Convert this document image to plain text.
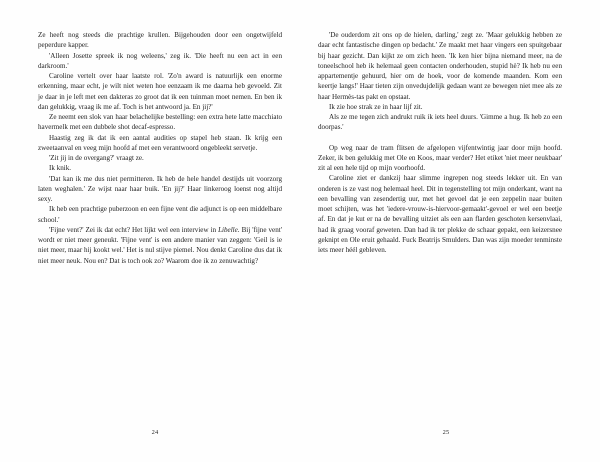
Ze heeft nog steeds die prachtige krullen. Bijgehouden door een ongetwijfeld peperdure kapper.

'Alleen Josette spreek ik nog weleens,' zeg ik. 'Die heeft nu een act in een darkroom.'

Caroline vertelt over haar laatste rol. 'Zo'n award is natuurlijk een enorme erkenning, maar echt, je wilt niet weten hoe eenzaam ik me daarna heb gevoeld. Zit je daar in je left met een dakteras zo groot dat ik een tuinman moet nemen. En ben ik dan gelukkig, vraag ik me af. Toch is het antwoord ja. En jij?'

Ze neemt een slok van haar belachelijke bestelling: een extra hete latte macchiato havermelk met een dubbele shot decaf-espresso.

Haastig zeg ik dat ik een aantal audities op stapel heb staan. Ik krijg een zweetaanval en veeg mijn hoofd af met een verantwoord ongebleekt servetje.

'Zit jij in de overgang?' vraagt ze.

Ik knik.

'Dat kan ik me dus niet permitteren. Ik heb de hele handel destijds uit voorzorg laten weghalen.' Ze wijst naar haar buik. 'En jij?' Haar linkeroog loenst nog altijd sexy.

Ik heb een prachtige puberzoon en een fijne vent die adjunct is op een middelbare school.'

'Fijne vent?' Zei ik dat echt? Het lijkt wel een interview in Libelle. Bij 'fijne vent' wordt er niet meer geneukt. 'Fijne vent' is een andere manier van zeggen: 'Geil is ie niet meer, maar hij kookt wel.' Het is nul stijve piemel. Nou denkt Caroline dus dat ik niet meer neuk. Nou en? Dat is toch ook zo? Waarom doe ik zo zenuwachtig?

24

'De ouderdom zit ons op de hielen, darling,' zegt ze. 'Maar gelukkig hebben ze daar echt fantastische dingen op bedacht.' Ze maakt met haar vingers een spuitgebaar bij haar gezicht. Dan kijkt ze om zich heen. 'Ik ken hier bijna niemand meer, na de toneelschool heb ik helemaal geen contacten onderhouden, stupid hè? Ik heb nu een appartementje gehuurd, hier om de hoek, voor de komende maanden. Kom een keertje langs!' Haar tieten zijn onvedujdelijk gedaan want ze bewegen niet mee als ze haar Hermès-tas pakt en opstaat.

Ik zie hoe strak ze in haar lijf zit.

Als ze me tegen zich andrukt ruik ik iets heel duurs. 'Gimme a hug. Ik heb zo een doorpas.'

Op weg naar de tram flitsen de afgelopen vijfentwintig jaar door mijn hoofd. Zeker, ik ben gelukkig met Ole en Koos, maar verder? Het etiket 'niet meer neukbaar' zit al een hele tijd op mijn voorhoofd.

Caroline ziet er dankzij haar slimme ingrepen nog steeds lekker uit. En van onderen is ze vast nog helemaal heel. Dit in tegenstelling tot mijn onderkant, want na een bevalling van zesendertig uur, met het gevoel dat je een zeppelin naar buiten moet schijten, was het 'iedere-vrouw-is-hiervoor-gemaakt'-gevoel er wel een beetje af. En dat je kut er na de bevalling uitziet als een aan flarden geschoten kersenvlaai, had ik graag vooraf geweten. Dan had ik ter plekke de schaar gepakt, een keizersnee geknipt en Ole eruit gehaald. Fuck Beatrijs Smulders. Dan was zijn moeder tenminste iets meer héél gebleven.

25
